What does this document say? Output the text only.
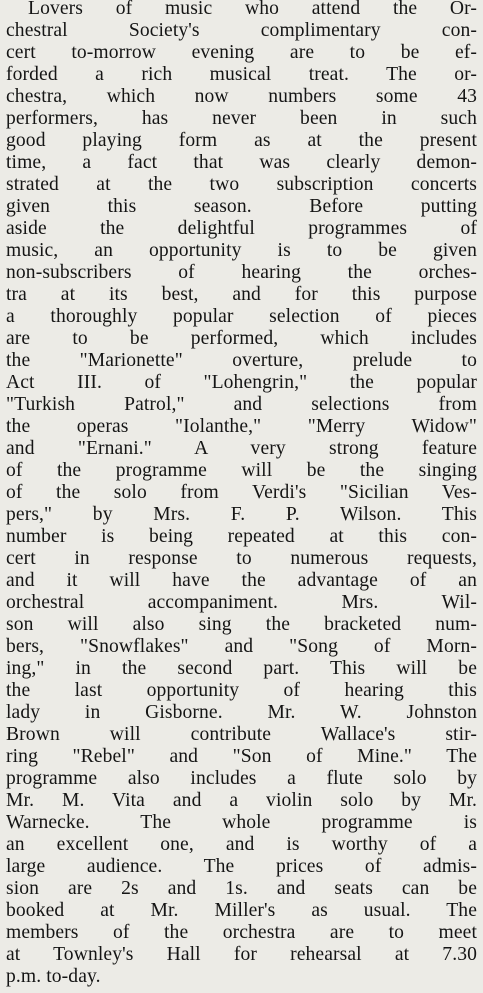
Lovers of music who attend the Or-
chestral Society's complimentary con-
cert to-morrow evening are to be ef-
forded a rich musical treat. The or-
chestra, which now numbers some 43
performers, has never been in such
good playing form as at the present
time, a fact that was clearly demon-
strated at the two subscription concerts
given this season. Before putting
aside the delightful programmes of
music, an opportunity is to be given
non-subscribers of hearing the orches-
tra at its best, and for this purpose
a thoroughly popular selection of pieces
are to be performed, which includes
the "Marionette" overture, prelude to
Act III. of "Lohengrin," the popular
"Turkish Patrol," and selections from
the operas "Iolanthe," "Merry Widow"
and "Ernani." A very strong feature
of the programme will be the singing
of the solo from Verdi's "Sicilian Ves-
pers," by Mrs. F. P. Wilson. This
number is being repeated at this con-
cert in response to numerous requests,
and it will have the advantage of an
orchestral accompaniment. Mrs. Wil-
son will also sing the bracketed num-
bers, "Snowflakes" and "Song of Morn-
ing," in the second part. This will be
the last opportunity of hearing this
lady in Gisborne. Mr. W. Johnston
Brown will contribute Wallace's stir-
ring "Rebel" and "Son of Mine." The
programme also includes a flute solo by
Mr. M. Vita and a violin solo by Mr.
Warnecke. The whole programme is
an excellent one, and is worthy of a
large audience. The prices of admis-
sion are 2s and 1s. and seats can be
booked at Mr. Miller's as usual. The
members of the orchestra are to meet
at Townley's Hall for rehearsal at 7.30
p.m. to-day.
